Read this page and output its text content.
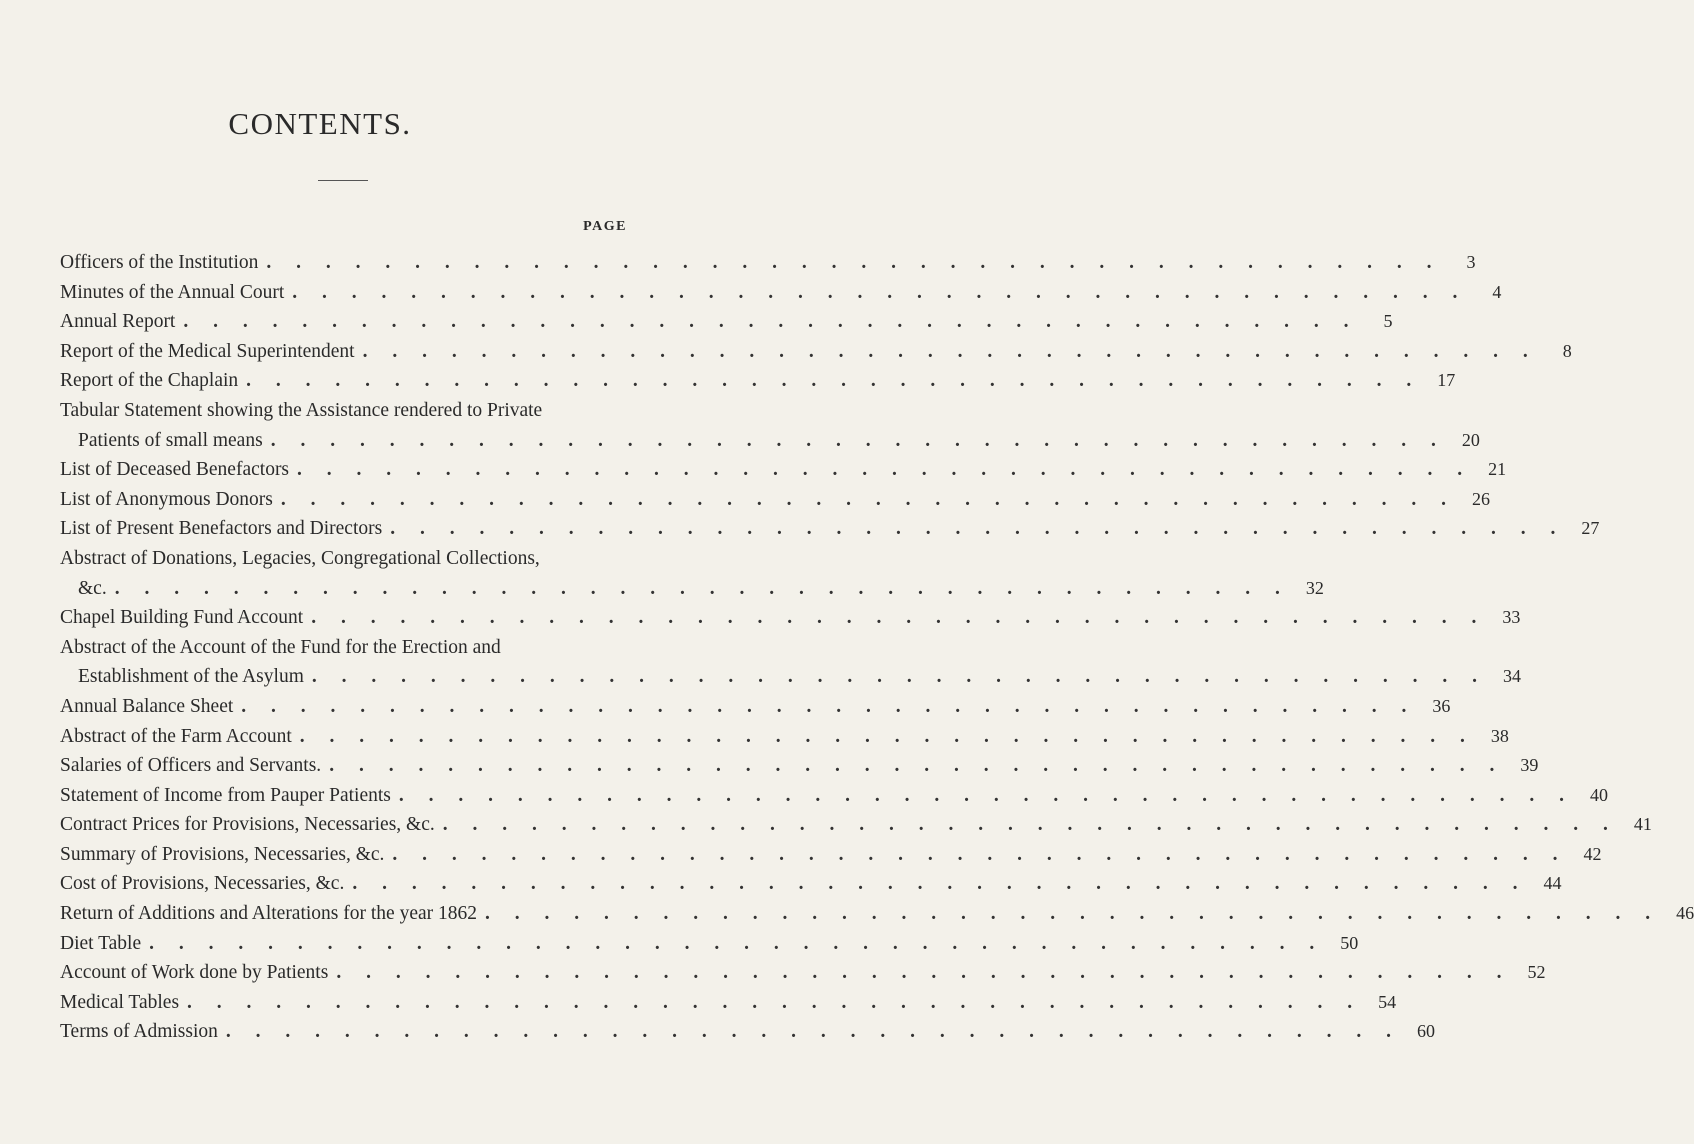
CONTENTS.
PAGE
Officers of the Institution . . . . . . . . . . . . . . . . . . . . . . . . . . . . . . . . . . . . . . . .	3
Minutes of the Annual Court . . . . . . . . . . . . . . . . . . . . . . . . . . . . . . . . . . . . . . . .	4
Annual Report . . . . . . . . . . . . . . . . . . . . . . . . . . . . . . . . . . . . . . . .	5
Report of the Medical Superintendent . . . . . . . . . . . . . . . . . . . . . . . . . . . . . . . . . . . . . . . .	8
Report of the Chaplain . . . . . . . . . . . . . . . . . . . . . . . . . . . . . . . . . . . . . . . . 17
Tabular Statement showing the Assistance rendered to Private
Patients of small means . . . . . . . . . . . . . . . . . . . . . . . . . . . . . . . . . . . . . . . . 20
List of Deceased Benefactors . . . . . . . . . . . . . . . . . . . . . . . . . . . . . . . . . . . . . . . . 21
List of Anonymous Donors . . . . . . . . . . . . . . . . . . . . . . . . . . . . . . . . . . . . . . . . 26
List of Present Benefactors and Directors . . . . . . . . . . . . . . . . . . . . . . . . . . . . . . . . . . . . . . . . 27
Abstract of Donations, Legacies, Congregational Collections,
&c. . . . . . . . . . . . . . . . . . . . . . . . . . . . . . . . . . . . . . . . . 32
Chapel Building Fund Account . . . . . . . . . . . . . . . . . . . . . . . . . . . . . . . . . . . . . . . . 33
Abstract of the Account of the Fund for the Erection and
Establishment of the Asylum . . . . . . . . . . . . . . . . . . . . . . . . . . . . . . . . . . . . . . . . 34
Annual Balance Sheet . . . . . . . . . . . . . . . . . . . . . . . . . . . . . . . . . . . . . . . . 36
Abstract of the Farm Account . . . . . . . . . . . . . . . . . . . . . . . . . . . . . . . . . . . . . . . . 38
Salaries of Officers and Servants. . . . . . . . . . . . . . . . . . . . . . . . . . . . . . . . . . . . . . . . . 39
Statement of Income from Pauper Patients . . . . . . . . . . . . . . . . . . . . . . . . . . . . . . . . . . . . . . . . 40
Contract Prices for Provisions, Necessaries, &c. . . . . . . . . . . . . . . . . . . . . . . . . . . . . . . . . . . . . . . . . 41
Summary of Provisions, Necessaries, &c. . . . . . . . . . . . . . . . . . . . . . . . . . . . . . . . . . . . . . . . . 42
Cost of Provisions, Necessaries, &c. . . . . . . . . . . . . . . . . . . . . . . . . . . . . . . . . . . . . . . . . 44
Return of Additions and Alterations for the year 1862 . . . . . . . . . . . . . . . . . . . . . . . . . . . . . . . . . . . . . . . . 46
Diet Table . . . . . . . . . . . . . . . . . . . . . . . . . . . . . . . . . . . . . . . . 50
Account of Work done by Patients . . . . . . . . . . . . . . . . . . . . . . . . . . . . . . . . . . . . . . . . 52
Medical Tables . . . . . . . . . . . . . . . . . . . . . . . . . . . . . . . . . . . . . . . . 54
Terms of Admission . . . . . . . . . . . . . . . . . . . . . . . . . . . . . . . . . . . . . . . . 60
